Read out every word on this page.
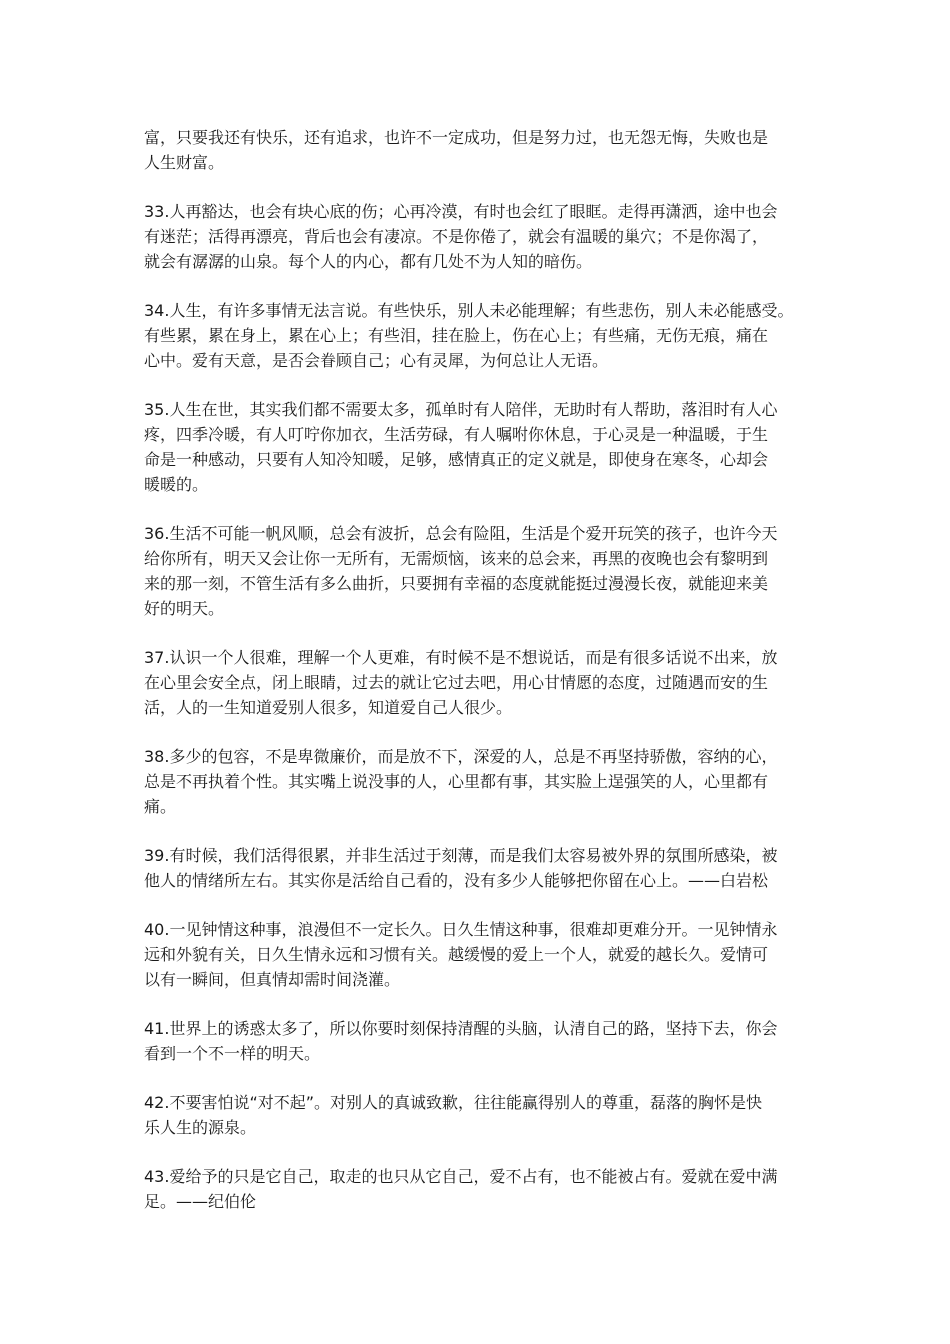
富，只要我还有快乐，还有追求，也许不一定成功，但是努力过，也无怨无悔，失败也是
人生财富。

33.人再豁达，也会有块心底的伤；心再冷漠，有时也会红了眼眶。走得再潇洒，途中也会
有迷茫；活得再漂亮，背后也会有凄凉。不是你倦了，就会有温暖的巢穴；不是你渴了，
就会有潺潺的山泉。每个人的内心，都有几处不为人知的暗伤。

34.人生，有许多事情无法言说。有些快乐，别人未必能理解；有些悲伤，别人未必能感受。
有些累，累在身上，累在心上；有些泪，挂在脸上，伤在心上；有些痛，无伤无痕，痛在
心中。爱有天意，是否会眷顾自己；心有灵犀，为何总让人无语。

35.人生在世，其实我们都不需要太多，孤单时有人陪伴，无助时有人帮助，落泪时有人心
疼，四季冷暖，有人叮咛你加衣，生活劳碌，有人嘱咐你休息，于心灵是一种温暖，于生
命是一种感动，只要有人知冷知暖，足够，感情真正的定义就是，即使身在寒冬，心却会
暖暖的。

36.生活不可能一帆风顺，总会有波折，总会有险阻，生活是个爱开玩笑的孩子，也许今天
给你所有，明天又会让你一无所有，无需烦恼，该来的总会来，再黑的夜晚也会有黎明到
来的那一刻，不管生活有多么曲折，只要拥有幸福的态度就能挺过漫漫长夜，就能迎来美
好的明天。

37.认识一个人很难，理解一个人更难，有时候不是不想说话，而是有很多话说不出来，放
在心里会安全点，闭上眼睛，过去的就让它过去吧，用心甘情愿的态度，过随遇而安的生
活，人的一生知道爱别人很多，知道爱自己人很少。

38.多少的包容，不是卑微廉价，而是放不下，深爱的人，总是不再坚持骄傲，容纳的心，
总是不再执着个性。其实嘴上说没事的人，心里都有事，其实脸上逞强笑的人，心里都有
痛。

39.有时候，我们活得很累，并非生活过于刻薄，而是我们太容易被外界的氛围所感染，被
他人的情绪所左右。其实你是活给自己看的，没有多少人能够把你留在心上。——白岩松

40.一见钟情这种事，浪漫但不一定长久。日久生情这种事，很难却更难分开。一见钟情永
远和外貌有关，日久生情永远和习惯有关。越缓慢的爱上一个人，就爱的越长久。爱情可
以有一瞬间，但真情却需时间浇灌。

41.世界上的诱惑太多了，所以你要时刻保持清醒的头脑，认清自己的路，坚持下去，你会
看到一个不一样的明天。

42.不要害怕说“对不起”。对别人的真诚致歉，往往能赢得别人的尊重，磊落的胸怀是快
乐人生的源泉。

43.爱给予的只是它自己，取走的也只从它自己，爱不占有，也不能被占有。爱就在爱中满
足。——纪伯伦
